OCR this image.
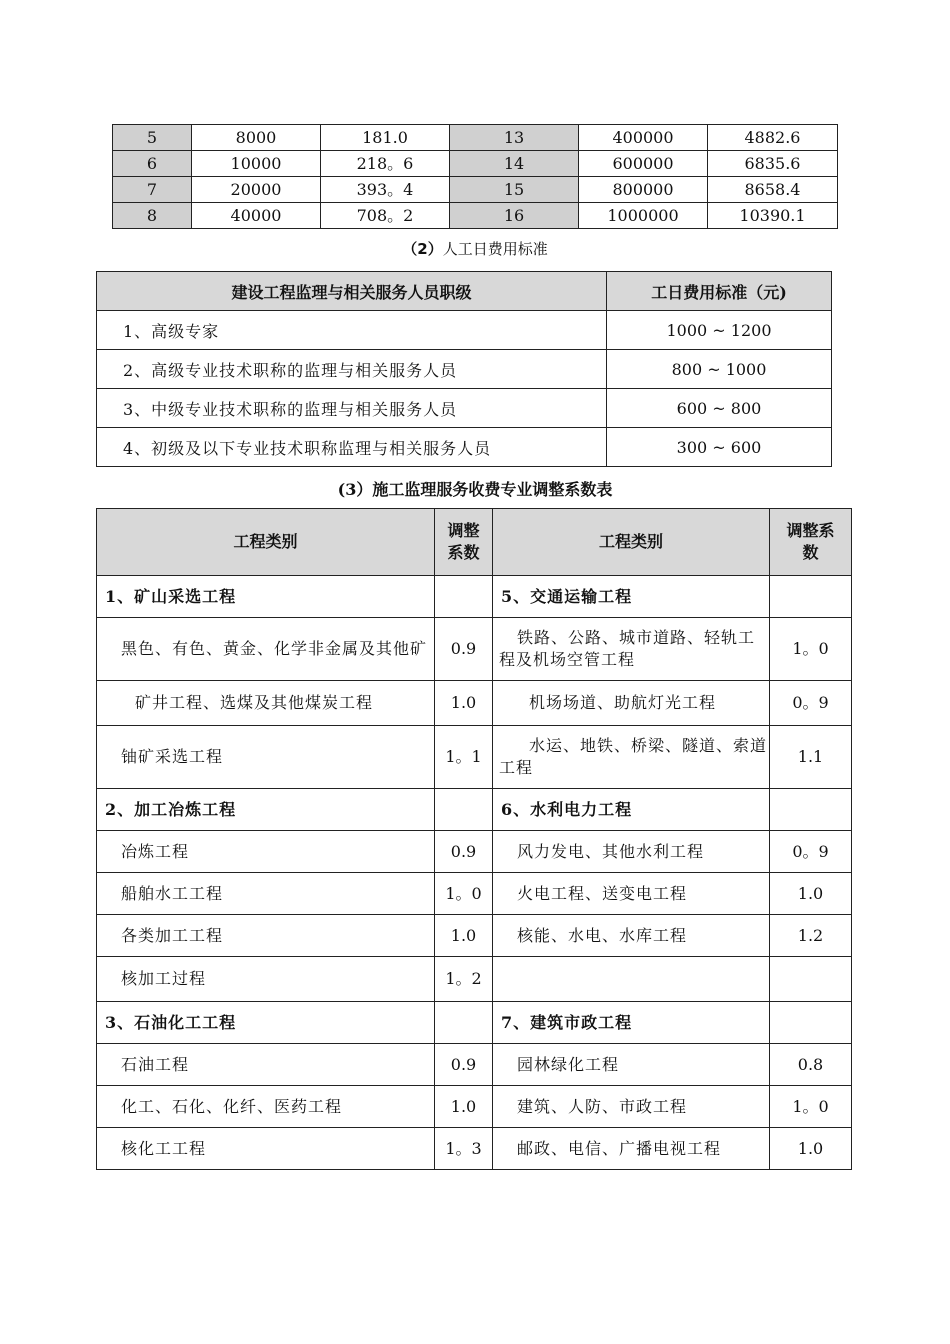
5	8000	181.0	13	400000	4882.6
6	10000	218。6	14	600000	6835.6
7	20000	393。4	15	800000	8658.4
8	40000	708。2	16	1000000	10390.1
（2）人工日费用标准
建设工程监理与相关服务人员职级	工日费用标准（元)
1、高级专家	1000 ~ 1200
2、高级专业技术职称的监理与相关服务人员	800 ~ 1000
3、中级专业技术职称的监理与相关服务人员	600 ~ 800
4、初级及以下专业技术职称监理与相关服务人员	300 ~ 600
(3）施工监理服务收费专业调整系数表
工程类别	调整系数	工程类别	调整系数
1、矿山采选工程		5、交通运输工程	
黑色、有色、黄金、化学非金属及其他矿	0.9	铁路、公路、城市道路、轻轨工程及机场空管工程	1。0
矿井工程、选煤及其他煤炭工程	1.0	机场场道、助航灯光工程	0。9
铀矿采选工程	1。1	水运、地铁、桥梁、隧道、索道工程	1.1
2、加工冶炼工程		6、水利电力工程	
冶炼工程	0.9	风力发电、其他水利工程	0。9
船舶水工工程	1。0	火电工程、送变电工程	1.0
各类加工工程	1.0	核能、水电、水库工程	1.2
核加工过程	1。2		
3、石油化工工程		7、建筑市政工程	
石油工程	0.9	园林绿化工程	0.8
化工、石化、化纤、医药工程	1.0	建筑、人防、市政工程	1。0
核化工工程	1。3	邮政、电信、广播电视工程	1.0
